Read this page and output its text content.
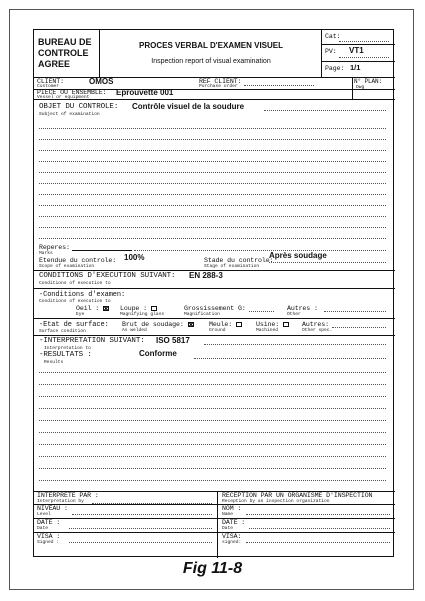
BUREAU DE
CONTROLE
AGREE
PROCES VERBAL D'EXAMEN VISUEL
Inspection report of visual examination
Cat:
PV: VT1
Page: 1/1
CLIENT:
Customer
OMOS	REF CLIENT:
Purchase order
N° PLAN:
Dwg
PIECE OU ENSEMBLE:
Vessel or equipment
Eprouvette 001
OBJET DU CONTROLE:
Subject of examination
Contrôle visuel de la soudure
Reperes:
Marks
Etendue du controle:
Scope of examination
100%	Stade du controle:
Stage of examination
Après soudage
CONDITIONS D'EXECUTION SUIVANT:
Conditions of execution to
EN 288-3
-Conditions d'examen:
Conditions of execution to
Oeil :
Eye
Loupe :
Magnifying glass
Grossissement G:
Magnification
Autres :
Other
-Etat de surface:
Surface condition
Brut de soudage:
As welded
Meule:
Ground
Usine:
Machined
Autres:
Other spec.
-INTERPRETATION SUIVANT:
Interpretation to
ISO 5817
-RESULTATS :
Results
Conforme
INTERPRETE PAR :
Interpretation by
RECEPTION PAR UN ORGANISME D'INSPECTION
Reception by an inspection organization
NIVEAU :
Level
NOM :
Name
DATE :
Date
DATE :
Date
VISA :
Signed :
VISA:
signed:
Fig 11-8
